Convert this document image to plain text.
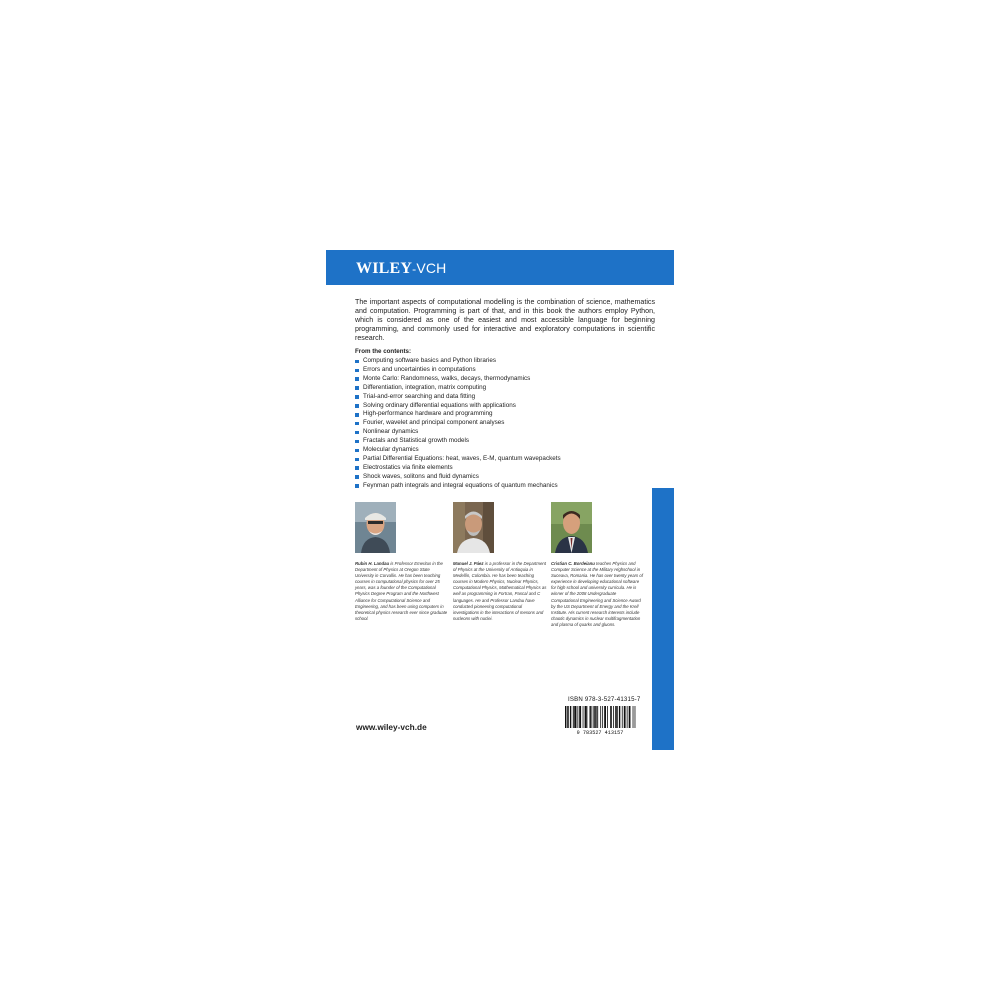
WILEY-VCH

The important aspects of computational modelling is the combination of science, mathematics and computation. Programming is part of that, and in this book the authors employ Python, which is considered as one of the easiest and most accessible language for beginning programming, and commonly used for interactive and exploratory computations in scientific research.

From the contents:

Computing software basics and Python libraries
Errors and uncertainties in computations
Monte Carlo: Randomness, walks, decays, thermodynamics
Differentiation, integration, matrix computing
Trial-and-error searching and data fitting
Solving ordinary differential equations with applications
High-performance hardware and programming
Fourier, wavelet and principal component analyses
Nonlinear dynamics
Fractals and Statistical growth models
Molecular dynamics
Partial Differential Equations: heat, waves, E-M, quantum wavepackets
Electrostatics via finite elements
Shock waves, solitons and fluid dynamics
Feynman path integrals and integral equations of quantum mechanics

Rubin H. Landau is Professor Emeritus in the Department of Physics at Oregon State University in Corvallis. He has been teaching courses in computational physics for over 25 years, was a founder of the Computational Physics Degree Program and the Northwest Alliance for Computational Science and Engineering, and has been using computers in theoretical physics research ever since graduate school.

Manuel J. Páez is a professor in the Department of Physics at the University of Antioquia in Medellín, Colombia. He has been teaching courses in Modern Physics, Nuclear Physics, Computational Physics, Mathematical Physics as well as programming in Fortran, Pascal and C languages. He and Professor Landau have conducted pioneering computational investigations in the interactions of mesons and nucleons with nuclei.

Cristian C. Bordeianu teaches Physics and Computer Science at the Military Highschool in Suceava, Romania. He has over twenty years of experience in developing educational software for high school and university curricula. He is winner of the 2008 Undergraduate Computational Engineering and Science Award by the US Department of Energy and the Krell Institute. His current research interests include chaotic dynamics in nuclear multifragmentation and plasma of quarks and gluons.

ISBN 978-3-527-41315-7

9 783527 413157
www.wiley-vch.de
